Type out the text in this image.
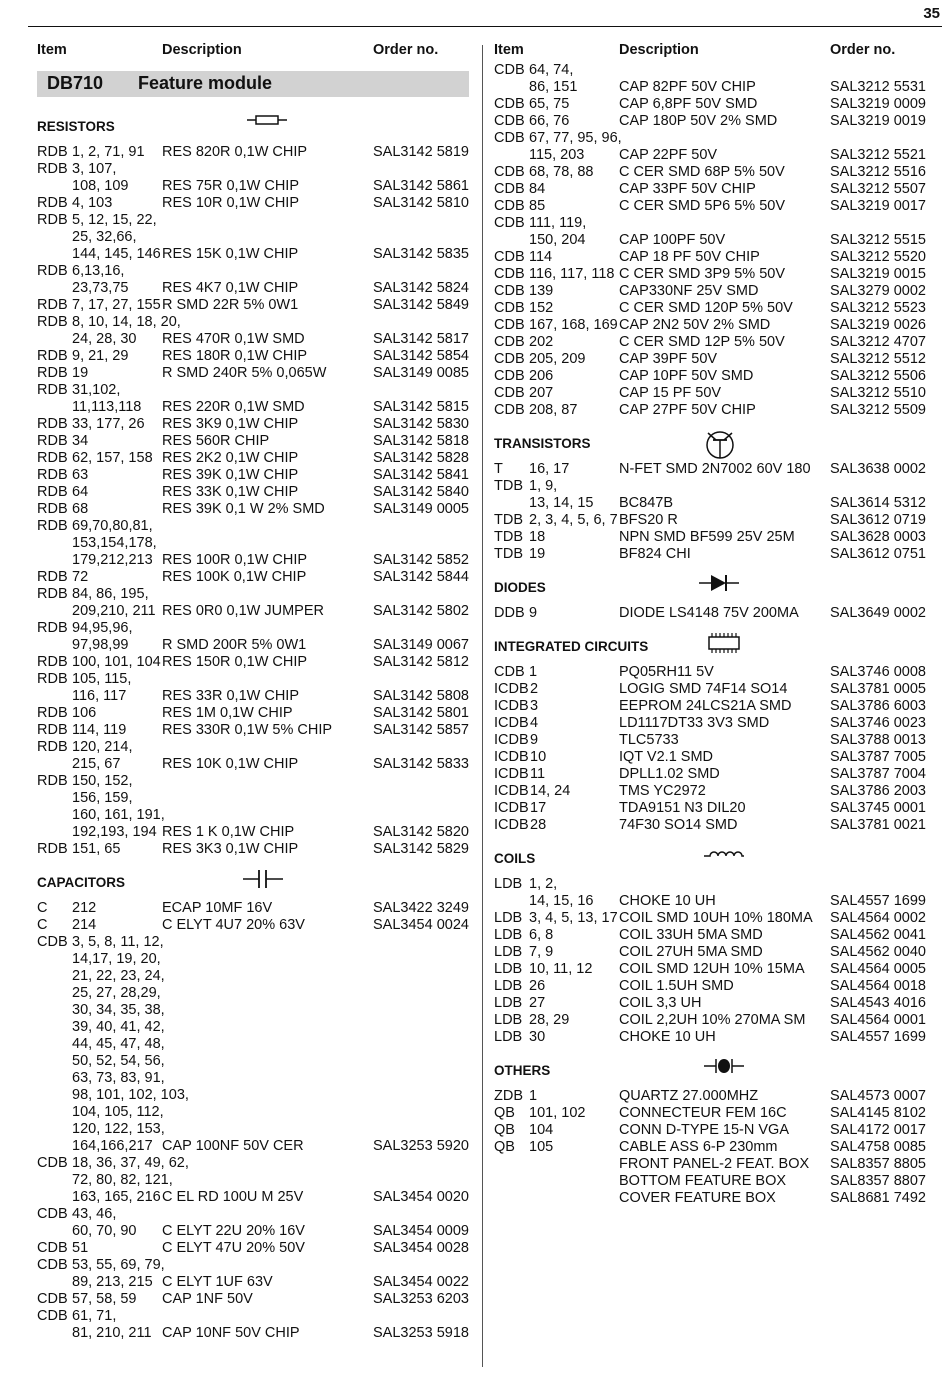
35
Item	Description	Order no.
DB710 Feature module
RESISTORS
RDB 1, 2, 71, 91 RES 820R 0,1W CHIP	SAL3142 5819
RDB 3, 107,
108, 109 RES 75R 0,1W CHIP	SAL3142 5861
RDB 4, 103	RES 10R 0,1W CHIP	SAL3142 5810
RDB 5, 12, 15, 22,
25, 32,66,
144, 145, 146 RES 15K 0,1W CHIP	SAL3142 5835
RDB 6,13,16,
23,73,75 RES 4K7 0,1W CHIP	SAL3142 5824
RDB 7, 17, 27, 155 R SMD 22R 5% 0W1	SAL3142 5849
RDB 8, 10, 14, 18, 20,
24, 28, 30 RES 470R 0,1W SMD	SAL3142 5817
RDB 9, 21, 29 RES 180R 0,1W CHIP	SAL3142 5854
RDB 19	R SMD 240R 5% 0,065W	SAL3149 0085
RDB 31,102,
11,113,118 RES 220R 0,1W SMD	SAL3142 5815
RDB 33, 177, 26 RES 3K9 0,1W CHIP	SAL3142 5830
RDB 34	RES 560R CHIP	SAL3142 5818
RDB 62, 157, 158 RES 2K2 0,1W CHIP	SAL3142 5828
RDB 63	RES 39K 0,1W CHIP	SAL3142 5841
RDB 64	RES 33K 0,1W CHIP	SAL3142 5840
RDB 68	RES 39K 0,1 W 2% SMD	SAL3149 0005
RDB 69,70,80,81,
153,154,178,
179,212,213 RES 100R 0,1W CHIP	SAL3142 5852
RDB 72	RES 100K 0,1W CHIP	SAL3142 5844
RDB 84, 86, 195,
209,210, 211 RES 0R0 0,1W JUMPER	SAL3142 5802
RDB 94,95,96,
97,98,99 R SMD 200R 5% 0W1	SAL3149 0067
RDB 100, 101, 104 RES 150R 0,1W CHIP	SAL3142 5812
RDB 105, 115,
116, 117 RES 33R 0,1W CHIP	SAL3142 5808
RDB 106	RES 1M 0,1W CHIP	SAL3142 5801
RDB 114, 119 RES 330R 0,1W 5% CHIP	SAL3142 5857
RDB 120, 214,
215, 67	RES 10K 0,1W CHIP	SAL3142 5833
RDB 150, 152,
156, 159,
160, 161, 191,
192,193, 194 RES 1 K 0,1W CHIP	SAL3142 5820
RDB 151, 65	RES 3K3 0,1W CHIP	SAL3142 5829
CAPACITORS
C 212	ECAP 10MF 16V	SAL3422 3249
C 214	C ELYT 4U7 20% 63V	SAL3454 0024
CDB 3, 5, 8, 11, 12,
14,17, 19, 20,
21, 22, 23, 24,
25, 27, 28,29,
30, 34, 35, 38,
39, 40, 41, 42,
44, 45, 47, 48,
50, 52, 54, 56,
63, 73, 83, 91,
98, 101, 102, 103,
104, 105, 112,
120, 122, 153,
164,166,217 CAP 100NF 50V CER	SAL3253 5920
CDB 18, 36, 37, 49, 62,
72, 80, 82, 121,
163, 165, 216 C EL RD 100U M 25V	SAL3454 0020
CDB 43, 46,
60, 70, 90 C ELYT 22U 20% 16V	SAL3454 0009
CDB 51	C ELYT 47U 20% 50V	SAL3454 0028
CDB 53, 55, 69, 79,
89, 213, 215 C ELYT 1UF 63V	SAL3454 0022
CDB 57, 58, 59 CAP 1NF 50V	SAL3253 6203
CDB 61, 71,
81, 210, 211 CAP 10NF 50V CHIP	SAL3253 5918
Item	Description	Order no.
CDB 64, 74,
86, 151	CAP 82PF 50V CHIP	SAL3212 5531
CDB 65, 75	CAP 6,8PF 50V SMD	SAL3219 0009
CDB 66, 76	CAP 180P 50V 2% SMD	SAL3219 0019
CDB 67, 77, 95, 96,
115, 203 CAP 22PF 50V	SAL3212 5521
CDB 68, 78, 88 C CER SMD 68P 5% 50V	SAL3212 5516
CDB 84	CAP 33PF 50V CHIP	SAL3212 5507
CDB 85	C CER SMD 5P6 5% 50V	SAL3219 0017
CDB 111, 119,
150, 204 CAP 100PF 50V	SAL3212 5515
CDB 114	CAP 18 PF 50V CHIP	SAL3212 5520
CDB 116, 117, 118 C CER SMD 3P9 5% 50V	SAL3219 0015
CDB 139	CAP330NF 25V SMD	SAL3279 0002
CDB 152	C CER SMD 120P 5% 50V	SAL3212 5523
CDB 167, 168, 169 CAP 2N2 50V 2% SMD	SAL3219 0026
CDB 202	C CER SMD 12P 5% 50V	SAL3212 4707
CDB 205, 209 CAP 39PF 50V	SAL3212 5512
CDB 206	CAP 10PF 50V SMD	SAL3212 5506
CDB 207	CAP 15 PF 50V	SAL3212 5510
CDB 208, 87	CAP 27PF 50V CHIP	SAL3212 5509
TRANSISTORS
T 16, 17	N-FET SMD 2N7002 60V 180 SAL3638 0002
TDB 1, 9,
13, 14, 15 BC847B	SAL3614 5312
TDB 2, 3, 4, 5, 6, 7 BFS20 R	SAL3612 0719
TDB 18	NPN SMD BF599 25V 25M SAL3628 0003
TDB 19	BF824 CHI	SAL3612 0751
DIODES
DDB 9	DIODE LS4148 75V 200MA SAL3649 0002
INTEGRATED CIRCUITS
CDB 1	PQ05RH11 5V	SAL3746 0008
ICDB 2	LOGIG SMD 74F14 SO14	SAL3781 0005
ICDB 3	EEPROM 24LCS21A SMD	SAL3786 6003
ICDB 4	LD1117DT33 3V3 SMD	SAL3746 0023
ICDB 9	TLC5733	SAL3788 0013
ICDB 10	IQT V2.1 SMD	SAL3787 7005
ICDB 11	DPLL1.02 SMD	SAL3787 7004
ICDB 14, 24	TMS YC2972	SAL3786 2003
ICDB 17	TDA9151 N3 DIL20	SAL3745 0001
ICDB 28	74F30 SO14 SMD	SAL3781 0021
COILS
LDB 1, 2,
14, 15, 16 CHOKE 10 UH	SAL4557 1699
LDB 3, 4, 5, 13, 17 COIL SMD 10UH 10% 180MA SAL4564 0002
LDB 6, 8	COIL 33UH 5MA SMD	SAL4562 0041
LDB 7, 9	COIL 27UH 5MA SMD	SAL4562 0040
LDB 10, 11, 12 COIL SMD 12UH 10% 15MA SAL4564 0005
LDB 26	COIL 1.5UH SMD	SAL4564 0018
LDB 27	COIL 3,3 UH	SAL4543 4016
LDB 28, 29	COIL 2,2UH 10% 270MA SM SAL4564 0001
LDB 30	CHOKE 10 UH	SAL4557 1699
OTHERS
ZDB 1	QUARTZ 27.000MHZ	SAL4573 0007
QB 101, 102 CONNECTEUR FEM 16C	SAL4145 8102
QB 104	CONN D-TYPE 15-N VGA	SAL4172 0017
QB 105	CABLE ASS 6-P 230mm	SAL4758 0085
FRONT PANEL-2 FEAT. BOX SAL8357 8805
BOTTOM FEATURE BOX	SAL8357 8807
COVER FEATURE BOX	SAL8681 7492
